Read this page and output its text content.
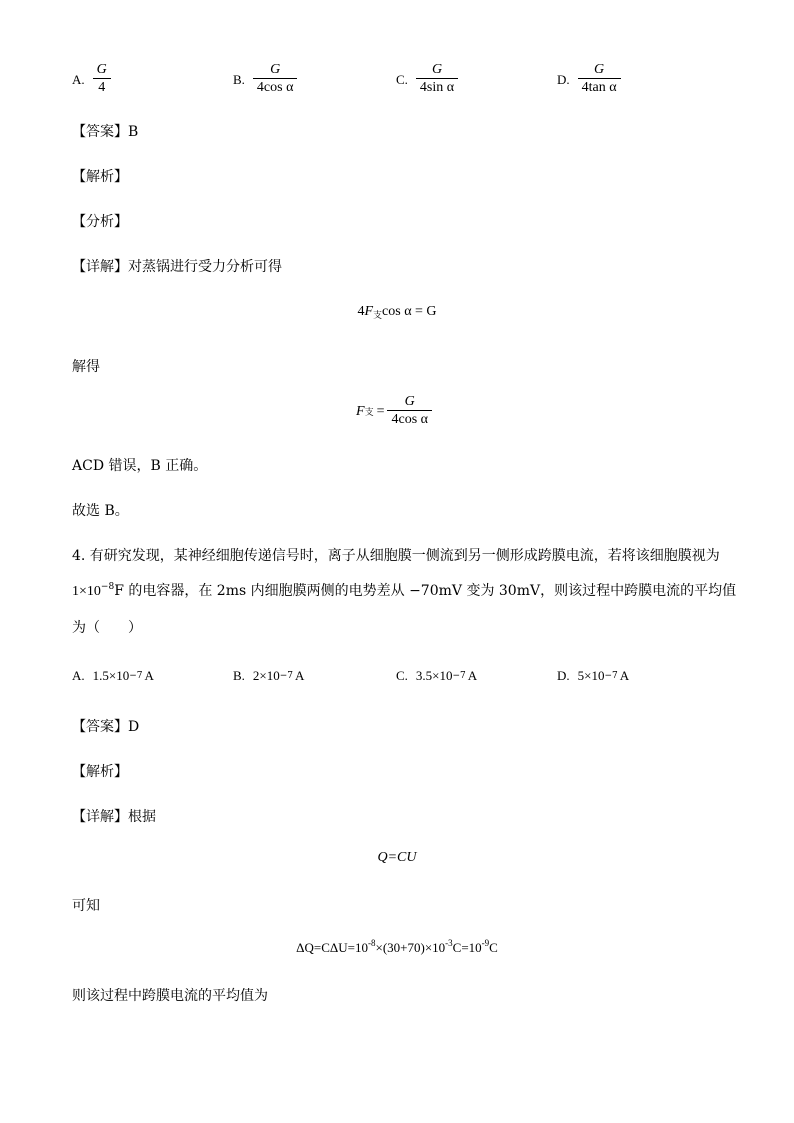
A. $\frac{G}{4}$	B. $\frac{G}{\text{4cos α}}$	C. $\frac{G}{\text{4sin α}}$	D. $\frac{G}{\text{4tan α}}$
【答案】B
【解析】
【分析】
【详解】对蒸锅进行受力分析可得
$4F_支\cos$ α = G
解得
F 支 = $\frac{G}{\text{4cos α}}$
ACD 错误，B 正确。
故选 B。
4. 有研究发现，某神经细胞传递信号时，离子从细胞膜一侧流到另一侧形成跨膜电流，若将该细胞膜视为
$1\times 10^{-8}F$ 的电容器，在 2ms 内细胞膜两侧的电势差从 −70mV 变为 30mV，则该过程中跨膜电流的平均值
为（　　）
A. 1.5×10 −7 A	B. 2×10 −7 A	C. 3.5×10 −7 A	D. 5×10 −7 A
【答案】D
【解析】
【详解】根据
Q=CU
可知
$\Delta Q=C\Delta U=10^{-8}\times(30+70)\times 10^{-3}C=10^{-9}C$
则该过程中跨膜电流的平均值为
